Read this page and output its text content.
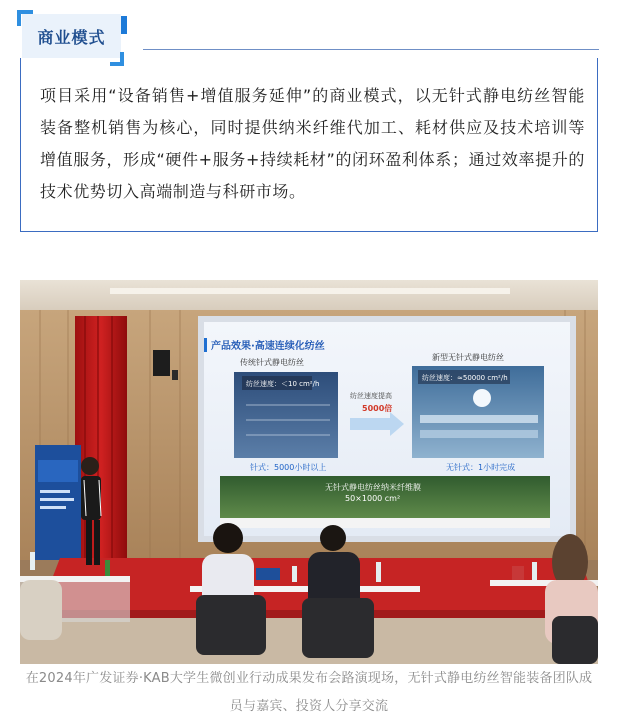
商业模式

项目采用“设备销售+增值服务延伸”的商业模式，以无针式静电纺丝智能装备整机销售为核心，同时提供纳米纤维代加工、耗材供应及技术培训等增值服务，形成“硬件+服务+持续耗材”的闭环盈利体系；通过效率提升的技术优势切入高端制造与科研市场。

产品效果·高速连续化纺丝
传统针式静电纺丝
纺丝速度：＜10 cm²/h
针式：5000小时以上
纺丝速度提高
5000倍
新型无针式静电纺丝
纺丝速度：≈50000 cm²/h
无针式：1小时完成
无针式静电纺丝纳米纤维膜
50×1000 cm²

在2024年广发证券·KAB大学生微创业行动成果发布会路演现场，无针式静电纺丝智能装备团队成员与嘉宾、投资人分享交流
